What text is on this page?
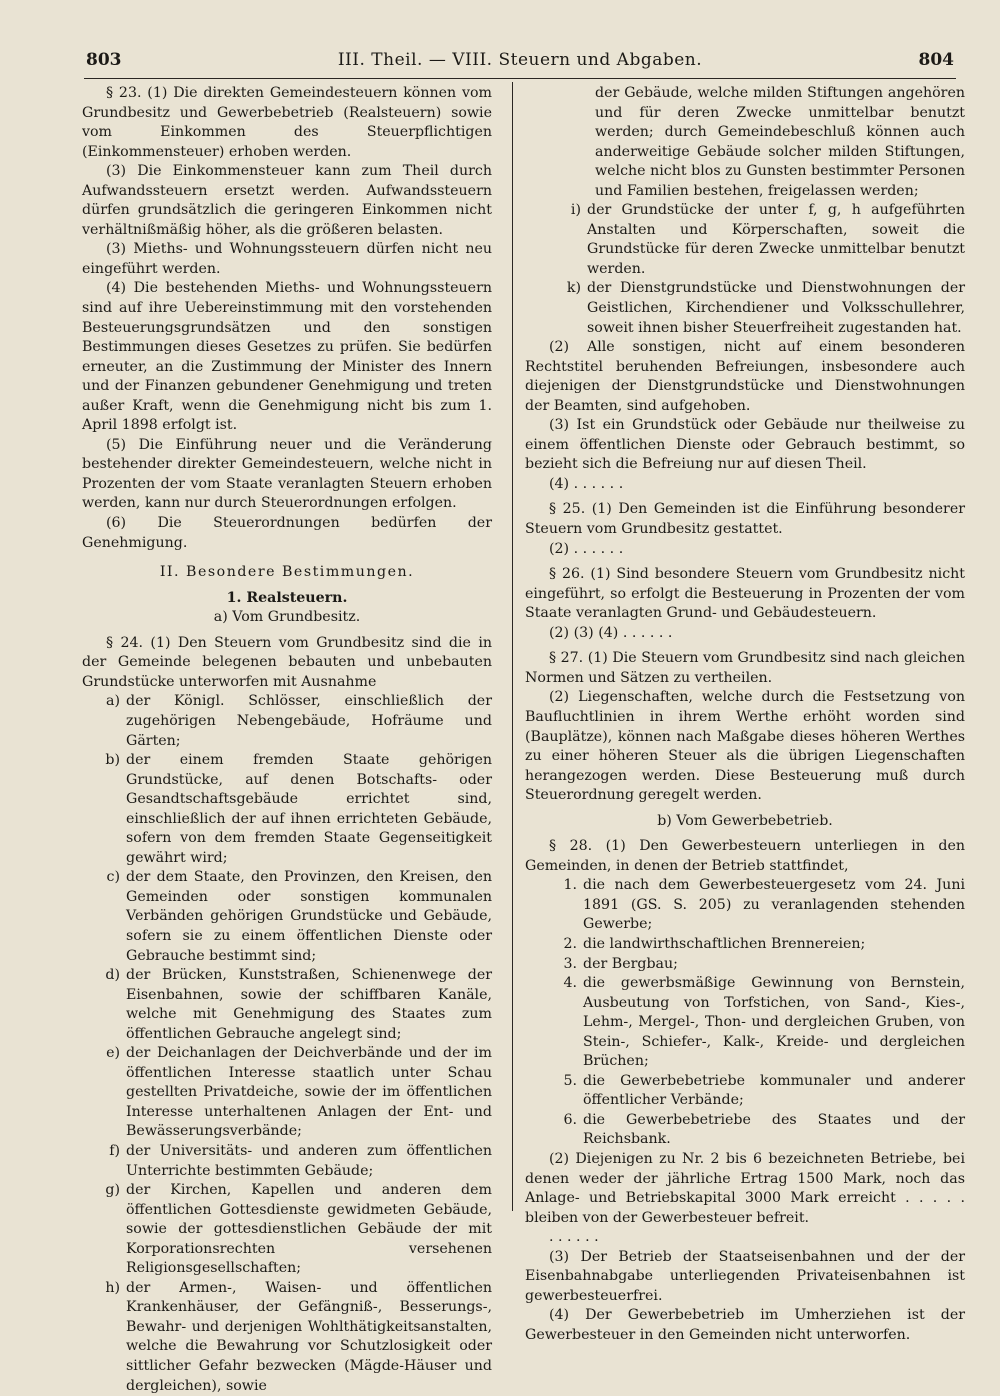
803	III. Theil. — VIII. Steuern und Abgaben.	804

§ 23. (1) Die direkten Gemeindesteuern können vom Grundbesitz und Gewerbebetrieb (Realsteuern) sowie vom Einkommen des Steuerpflichtigen (Einkommensteuer) erhoben werden.

(3) Die Einkommensteuer kann zum Theil durch Aufwandssteuern ersetzt werden. Aufwandssteuern dürfen grundsätzlich die geringeren Einkommen nicht verhältnißmäßig höher, als die größeren belasten.

(3) Mieths- und Wohnungssteuern dürfen nicht neu eingeführt werden.

(4) Die bestehenden Mieths- und Wohnungssteuern sind auf ihre Uebereinstimmung mit den vorstehenden Besteuerungsgrundsätzen und den sonstigen Bestimmungen dieses Gesetzes zu prüfen. Sie bedürfen erneuter, an die Zustimmung der Minister des Innern und der Finanzen gebundener Genehmigung und treten außer Kraft, wenn die Genehmigung nicht bis zum 1. April 1898 erfolgt ist.

(5) Die Einführung neuer und die Veränderung bestehender direkter Gemeindesteuern, welche nicht in Prozenten der vom Staate veranlagten Steuern erhoben werden, kann nur durch Steuerordnungen erfolgen.

(6) Die Steuerordnungen bedürfen der Genehmigung.

II. Besondere Bestimmungen.

1. Realsteuern.

a) Vom Grundbesitz.

§ 24. (1) Den Steuern vom Grundbesitz sind die in der Gemeinde belegenen bebauten und unbebauten Grundstücke unterworfen mit Ausnahme

a) der Königl. Schlösser, einschließlich der zugehörigen Nebengebäude, Hofräume und Gärten;
b) der einem fremden Staate gehörigen Grundstücke, auf denen Botschafts- oder Gesandtschaftsgebäude errichtet sind, einschließlich der auf ihnen errichteten Gebäude, sofern von dem fremden Staate Gegenseitigkeit gewährt wird;
c) der dem Staate, den Provinzen, den Kreisen, den Gemeinden oder sonstigen kommunalen Verbänden gehörigen Grundstücke und Gebäude, sofern sie zu einem öffentlichen Dienste oder Gebrauche bestimmt sind;
d) der Brücken, Kunststraßen, Schienenwege der Eisenbahnen, sowie der schiffbaren Kanäle, welche mit Genehmigung des Staates zum öffentlichen Gebrauche angelegt sind;
e) der Deichanlagen der Deichverbände und der im öffentlichen Interesse staatlich unter Schau gestellten Privatdeiche, sowie der im öffentlichen Interesse unterhaltenen Anlagen der Ent- und Bewässerungsverbände;
f) der Universitäts- und anderen zum öffentlichen Unterrichte bestimmten Gebäude;
g) der Kirchen, Kapellen und anderen dem öffentlichen Gottesdienste gewidmeten Gebäude, sowie der gottesdienstlichen Gebäude der mit Korporationsrechten versehenen Religionsgesellschaften;
h) der Armen-, Waisen- und öffentlichen Krankenhäuser, der Gefängniß-, Besserungs-, Bewahr- und derjenigen Wohlthätigkeitsanstalten, welche die Bewahrung vor Schutzlosigkeit oder sittlicher Gefahr bezwecken (Mägde-Häuser und dergleichen), sowie

der Gebäude, welche milden Stiftungen angehören und für deren Zwecke unmittelbar benutzt werden; durch Gemeindebeschluß können auch anderweitige Gebäude solcher milden Stiftungen, welche nicht blos zu Gunsten bestimmter Personen und Familien bestehen, freigelassen werden;

i) der Grundstücke der unter f, g, h aufgeführten Anstalten und Körperschaften, soweit die Grundstücke für deren Zwecke unmittelbar benutzt werden.
k) der Dienstgrundstücke und Dienstwohnungen der Geistlichen, Kirchendiener und Volksschullehrer, soweit ihnen bisher Steuerfreiheit zugestanden hat.

(2) Alle sonstigen, nicht auf einem besonderen Rechtstitel beruhenden Befreiungen, insbesondere auch diejenigen der Dienstgrundstücke und Dienstwohnungen der Beamten, sind aufgehoben.

(3) Ist ein Grundstück oder Gebäude nur theilweise zu einem öffentlichen Dienste oder Gebrauch bestimmt, so bezieht sich die Befreiung nur auf diesen Theil.

(4) . . . . . .

§ 25. (1) Den Gemeinden ist die Einführung besonderer Steuern vom Grundbesitz gestattet.

(2) . . . . . .

§ 26. (1) Sind besondere Steuern vom Grundbesitz nicht eingeführt, so erfolgt die Besteuerung in Prozenten der vom Staate veranlagten Grund- und Gebäudesteuern.

(2) (3) (4) . . . . . .

§ 27. (1) Die Steuern vom Grundbesitz sind nach gleichen Normen und Sätzen zu vertheilen.

(2) Liegenschaften, welche durch die Festsetzung von Baufluchtlinien in ihrem Werthe erhöht worden sind (Bauplätze), können nach Maßgabe dieses höheren Werthes zu einer höheren Steuer als die übrigen Liegenschaften herangezogen werden. Diese Besteuerung muß durch Steuerordnung geregelt werden.

b) Vom Gewerbebetrieb.

§ 28. (1) Den Gewerbesteuern unterliegen in den Gemeinden, in denen der Betrieb stattfindet,

1. die nach dem Gewerbesteuergesetz vom 24. Juni 1891 (GS. S. 205) zu veranlagenden stehenden Gewerbe;
2. die landwirthschaftlichen Brennereien;
3. der Bergbau;
4. die gewerbsmäßige Gewinnung von Bernstein, Ausbeutung von Torfstichen, von Sand-, Kies-, Lehm-, Mergel-, Thon- und dergleichen Gruben, von Stein-, Schiefer-, Kalk-, Kreide- und dergleichen Brüchen;
5. die Gewerbebetriebe kommunaler und anderer öffentlicher Verbände;
6. die Gewerbebetriebe des Staates und der Reichsbank.

(2) Diejenigen zu Nr. 2 bis 6 bezeichneten Betriebe, bei denen weder der jährliche Ertrag 1500 Mark, noch das Anlage- und Betriebskapital 3000 Mark erreicht . . . . . bleiben von der Gewerbesteuer befreit.

. . . . . .

(3) Der Betrieb der Staatseisenbahnen und der der Eisenbahnabgabe unterliegenden Privateisenbahnen ist gewerbesteuerfrei.

(4) Der Gewerbebetrieb im Umherziehen ist der Gewerbesteuer in den Gemeinden nicht unterworfen.
